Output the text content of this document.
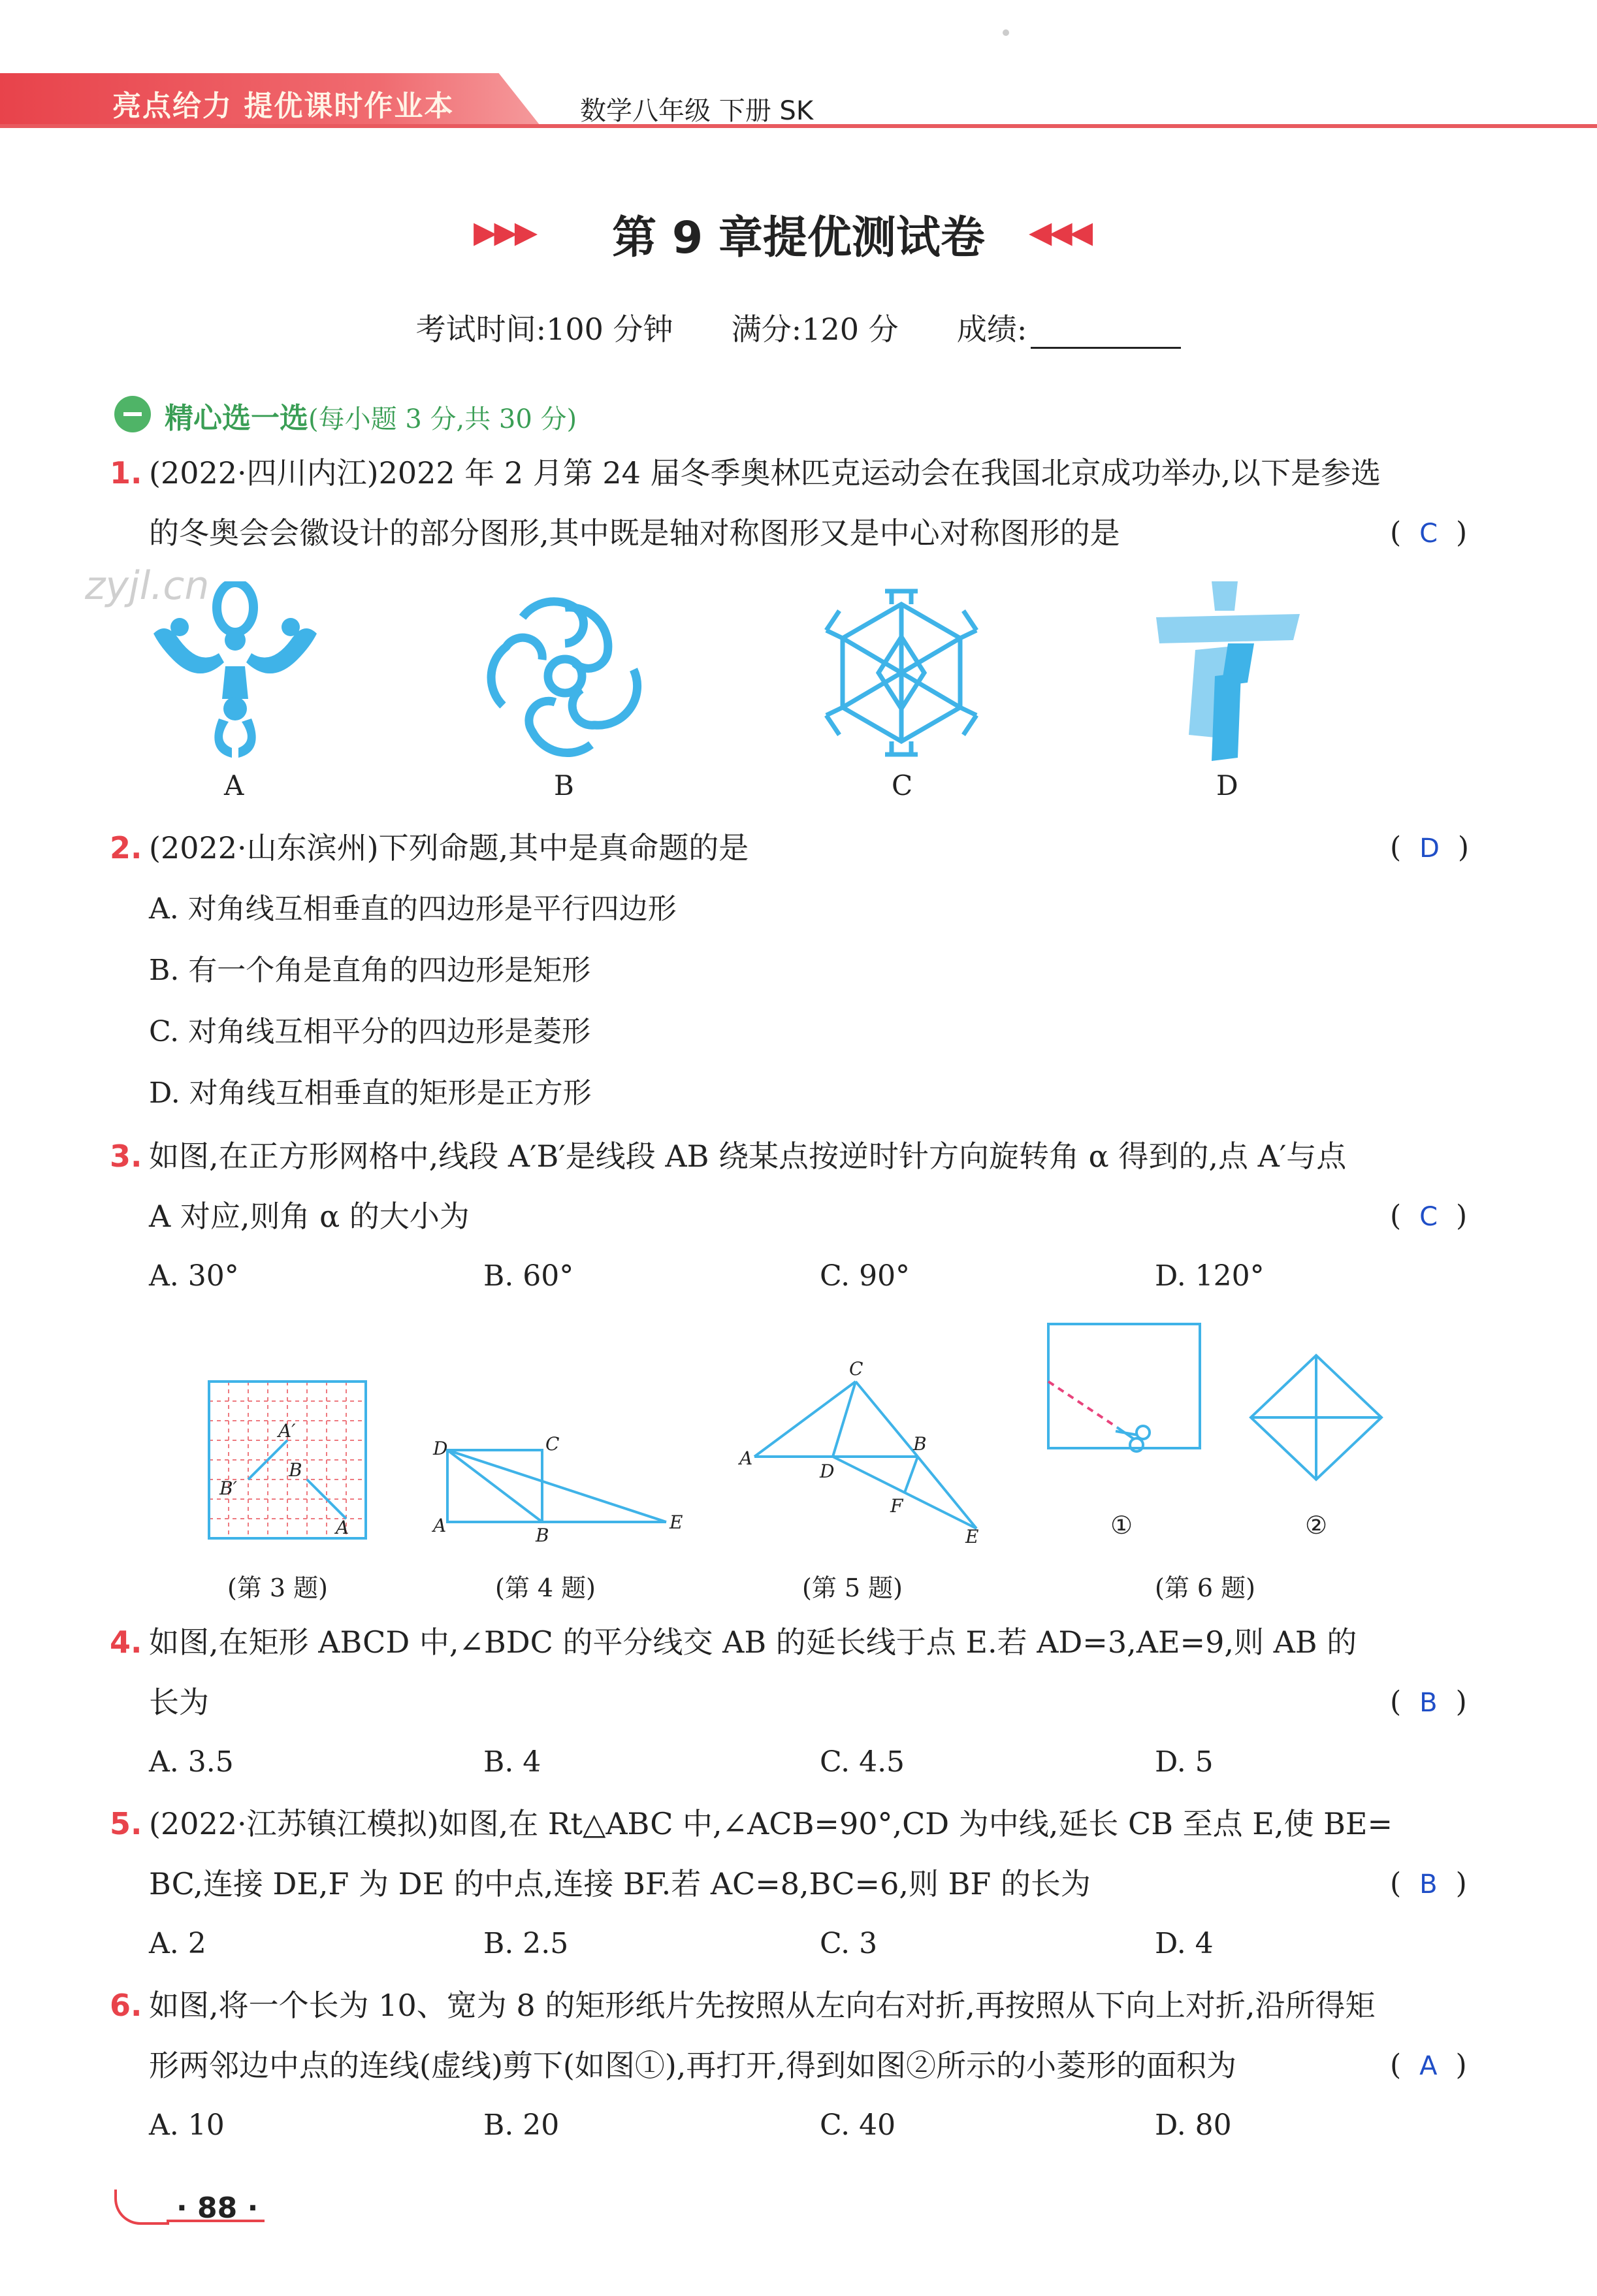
亮点给力 提优课时作业本	数学八年级 下册 SK
▶▶▶	第 9 章提优测试卷	◀◀◀
考试时间:100 分钟 满分:120 分 成绩:
精心选一选(每小题 3 分,共 30 分)
zyjl.cn
1. (2022·四川内江)2022 年 2 月第 24 届冬季奥林匹克运动会在我国北京成功举办,以下是参选
的冬奥会会徽设计的部分图形,其中既是轴对称图形又是中心对称图形的是	(  C  )
A	B	C	D
2. (2022·山东滨州)下列命题,其中是真命题的是	(  D  )
A. 对角线互相垂直的四边形是平行四边形
B. 有一个角是直角的四边形是矩形
C. 对角线互相平分的四边形是菱形
D. 对角线互相垂直的矩形是正方形
3. 如图,在正方形网格中,线段 A′B′是线段 AB 绕某点按逆时针方向旋转角 α 得到的,点 A′与点
A 对应,则角 α 的大小为	(  C  )
A. 30°	B. 60°	C. 90°	D. 120°
A′
B
B′
A
(第 3 题)
D	C
A	B
E
(第 4 题)
C
A
D
B
F
E
(第 5 题)
①	②
(第 6 题)
4. 如图,在矩形 ABCD 中,∠BDC 的平分线交 AB 的延长线于点 E.若 AD=3,AE=9,则 AB 的
长为	(  B  )
A. 3.5	B. 4	C. 4.5	D. 5
5. (2022·江苏镇江模拟)如图,在 Rt△ABC 中,∠ACB=90°,CD 为中线,延长 CB 至点 E,使 BE=
BC,连接 DE,F 为 DE 的中点,连接 BF.若 AC=8,BC=6,则 BF 的长为	(  B  )
A. 2	B. 2.5	C. 3	D. 4
6. 如图,将一个长为 10、宽为 8 的矩形纸片先按照从左向右对折,再按照从下向上对折,沿所得矩
形两邻边中点的连线(虚线)剪下(如图①),再打开,得到如图②所示的小菱形的面积为	(  A  )
A. 10	B. 20	C. 40	D. 80
· 88 ·
